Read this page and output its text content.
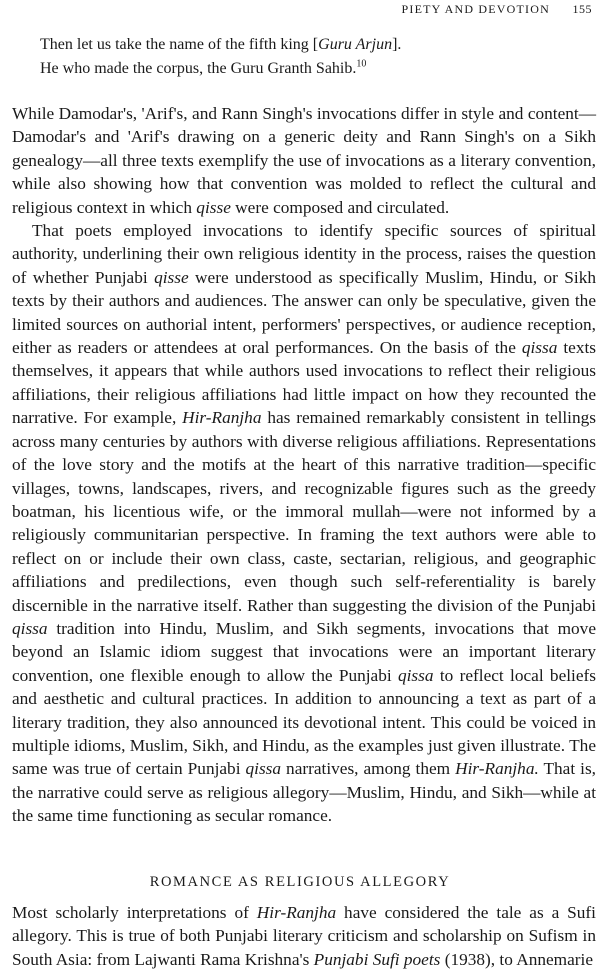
PIETY AND DEVOTION 155

Then let us take the name of the fifth king [Guru Arjun].

He who made the corpus, the Guru Granth Sahib.$^{10}$

While Damodar's, 'Arif's, and Rann Singh's invocations differ in style and content—Damodar's and 'Arif's drawing on a generic deity and Rann Singh's on a Sikh genealogy—all three texts exemplify the use of invocations as a literary convention, while also showing how that convention was molded to reflect the cultural and religious context in which qisse were composed and circulated.

That poets employed invocations to identify specific sources of spiritual authority, underlining their own religious identity in the process, raises the question of whether Punjabi qisse were understood as specifically Muslim, Hindu, or Sikh texts by their authors and audiences. The answer can only be speculative, given the limited sources on authorial intent, performers' perspectives, or audience reception, either as readers or attendees at oral performances. On the basis of the qissa texts themselves, it appears that while authors used invocations to reflect their religious affiliations, their religious affiliations had little impact on how they recounted the narrative. For example, Hir-Ranjha has remained remarkably consistent in tellings across many centuries by authors with diverse religious affiliations. Representations of the love story and the motifs at the heart of this narrative tradition—specific villages, towns, landscapes, rivers, and recognizable figures such as the greedy boatman, his licentious wife, or the immoral mullah—were not informed by a religiously communitarian perspective. In framing the text authors were able to reflect on or include their own class, caste, sectarian, religious, and geographic affiliations and predilections, even though such self-referentiality is barely discernible in the narrative itself. Rather than suggesting the division of the Punjabi qissa tradition into Hindu, Muslim, and Sikh segments, invocations that move beyond an Islamic idiom suggest that invocations were an important literary convention, one flexible enough to allow the Punjabi qissa to reflect local beliefs and aesthetic and cultural practices. In addition to announcing a text as part of a literary tradition, they also announced its devotional intent. This could be voiced in multiple idioms, Muslim, Sikh, and Hindu, as the examples just given illustrate. The same was true of certain Punjabi qissa narratives, among them Hir-Ranjha. That is, the narrative could serve as religious allegory—Muslim, Hindu, and Sikh—while at the same time functioning as secular romance.

ROMANCE AS RELIGIOUS ALLEGORY

Most scholarly interpretations of Hir-Ranjha have considered the tale as a Sufi allegory. This is true of both Punjabi literary criticism and scholarship on Sufism in South Asia: from Lajwanti Rama Krishna's Punjabi Sufi poets (1938), to Annemarie
